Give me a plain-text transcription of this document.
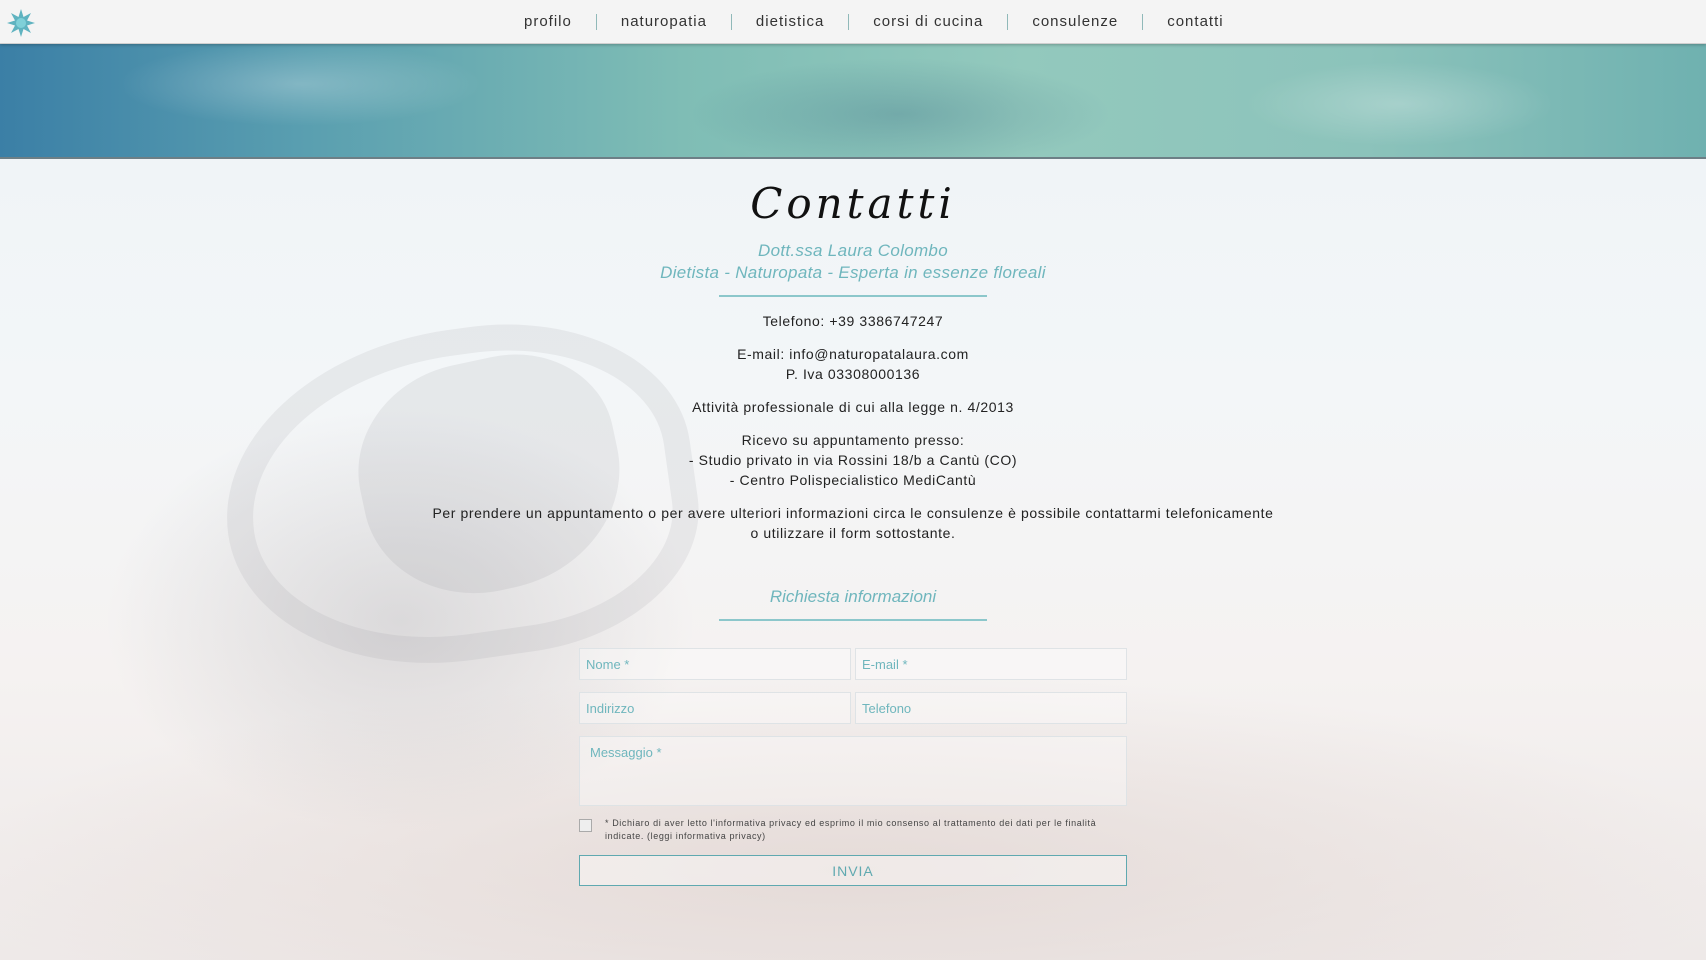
profilo	naturopatia	dietistica	corsi di cucina	consulenze	contatti
Contatti
Dott.ssa Laura Colombo
Dietista - Naturopata - Esperta in essenze floreali
Telefono: +39 3386747247
E-mail: info@naturopatalaura.com
P. Iva 03308000136
Attività professionale di cui alla legge n. 4/2013
Ricevo su appuntamento presso:
- Studio privato in via Rossini 18/b a Cantù (CO)
- Centro Polispecialistico MediCantù
Per prendere un appuntamento o per avere ulteriori informazioni circa le consulenze è possibile contattarmi telefonicamente
o utilizzare il form sottostante.
Richiesta informazioni
Nome *
E-mail *
Indirizzo
Telefono
Messaggio *
* Dichiaro di aver letto l'informativa privacy ed esprimo il mio consenso al trattamento dei dati per le finalità
indicate. (leggi informativa privacy)
INVIA
